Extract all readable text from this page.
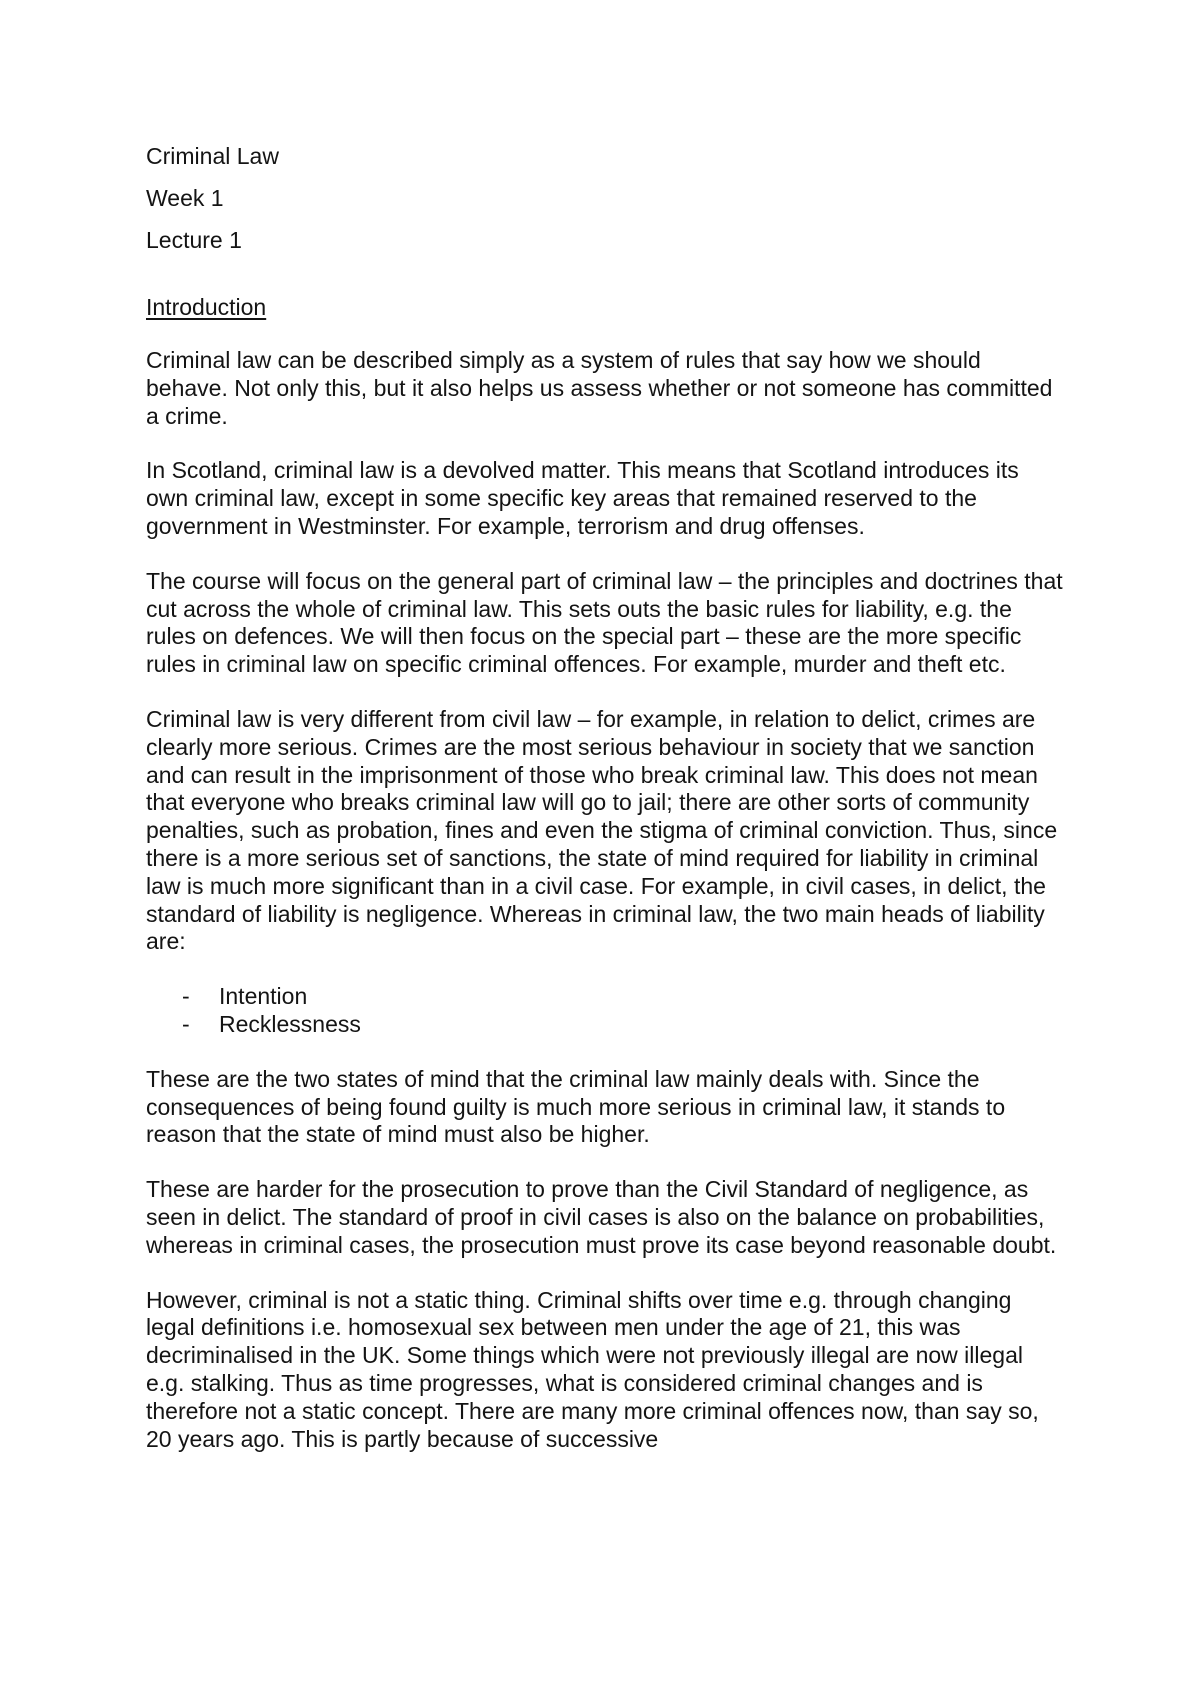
Criminal Law
Week 1
Lecture 1
Introduction

Criminal law can be described simply as a system of rules that say how we should behave. Not only this, but it also helps us assess whether or not someone has committed a crime.

In Scotland, criminal law is a devolved matter. This means that Scotland introduces its own criminal law, except in some specific key areas that remained reserved to the government in Westminster. For example, terrorism and drug offenses.

The course will focus on the general part of criminal law – the principles and doctrines that cut across the whole of criminal law. This sets outs the basic rules for liability, e.g. the rules on defences. We will then focus on the special part – these are the more specific rules in criminal law on specific criminal offences. For example, murder and theft etc.

Criminal law is very different from civil law – for example, in relation to delict, crimes are clearly more serious. Crimes are the most serious behaviour in society that we sanction and can result in the imprisonment of those who break criminal law. This does not mean that everyone who breaks criminal law will go to jail; there are other sorts of community penalties, such as probation, fines and even the stigma of criminal conviction. Thus, since there is a more serious set of sanctions, the state of mind required for liability in criminal law is much more significant than in a civil case. For example, in civil cases, in delict, the standard of liability is negligence. Whereas in criminal law, the two main heads of liability are:

- Intention
- Recklessness

These are the two states of mind that the criminal law mainly deals with. Since the consequences of being found guilty is much more serious in criminal law, it stands to reason that the state of mind must also be higher.

These are harder for the prosecution to prove than the Civil Standard of negligence, as seen in delict. The standard of proof in civil cases is also on the balance on probabilities, whereas in criminal cases, the prosecution must prove its case beyond reasonable doubt.

However, criminal is not a static thing. Criminal shifts over time e.g. through changing legal definitions i.e. homosexual sex between men under the age of 21, this was decriminalised in the UK. Some things which were not previously illegal are now illegal e.g. stalking. Thus as time progresses, what is considered criminal changes and is therefore not a static concept. There are many more criminal offences now, than say so, 20 years ago. This is partly because of successive
